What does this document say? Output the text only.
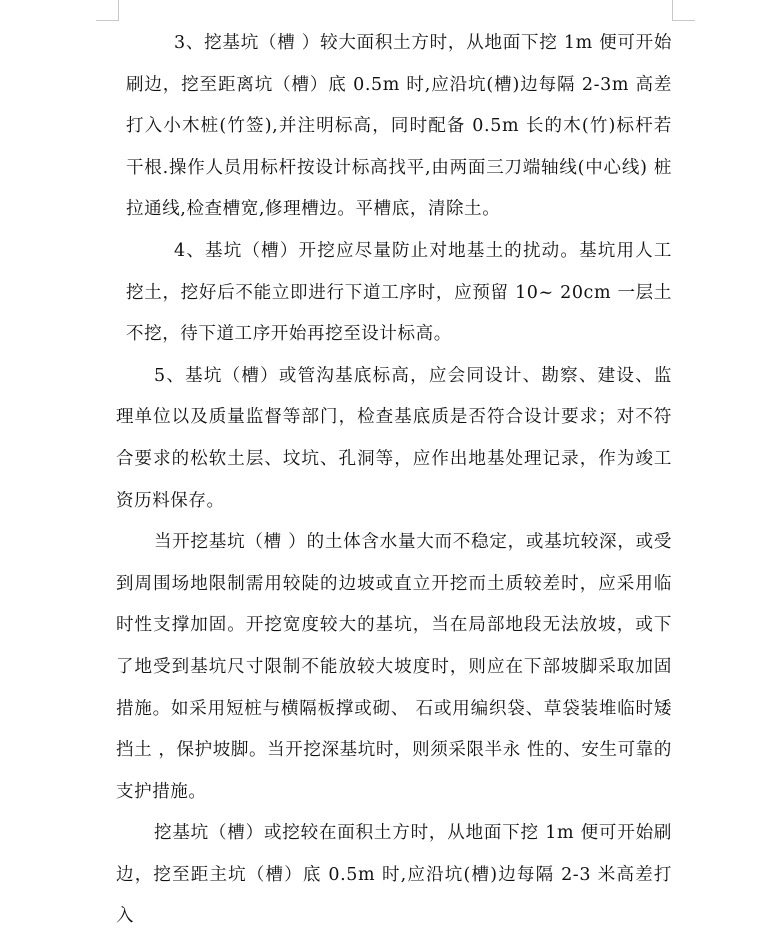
3、挖基坑（槽 ）较大面积土方时，从地面下挖 1m 便可开始刷边，挖至距离坑（槽）底 0.5m 时,应沿坑(槽)边每隔 2-3m 高差打入小木桩(竹签),并注明标高，同时配备 0.5m 长的木(竹)标杆若干根.操作人员用标杆按设计标高找平,由两面三刀端轴线(中心线) 桩拉通线,检查槽宽,修理槽边。平槽底，清除土。

4、基坑（槽）开挖应尽量防止对地基土的扰动。基坑用人工挖土，挖好后不能立即进行下道工序时，应预留 10~ 20cm 一层土不挖，待下道工序开始再挖至设计标高。

5、基坑（槽）或管沟基底标高，应会同设计、勘察、建设、监理单位以及质量监督等部门，检查基底质是否符合设计要求；对不符合要求的松软土层、坟坑、孔洞等，应作出地基处理记录，作为竣工资历料保存。

当开挖基坑（槽 ）的土体含水量大而不稳定，或基坑较深，或受到周围场地限制需用较陡的边坡或直立开挖而土质较差时，应采用临时性支撑加固。开挖宽度较大的基坑，当在局部地段无法放坡，或下了地受到基坑尺寸限制不能放较大坡度时，则应在下部坡脚采取加固措施。如采用短桩与横隔板撑或砌、 石或用编织袋、草袋装堆临时矮挡土 ，保护坡脚。当开挖深基坑时，则须采限半永 性的、安生可靠的支护措施。

挖基坑（槽）或挖较在面积土方时，从地面下挖 1m 便可开始刷边，挖至距主坑（槽）底 0.5m 时,应沿坑(槽)边每隔 2-3 米高差打入
